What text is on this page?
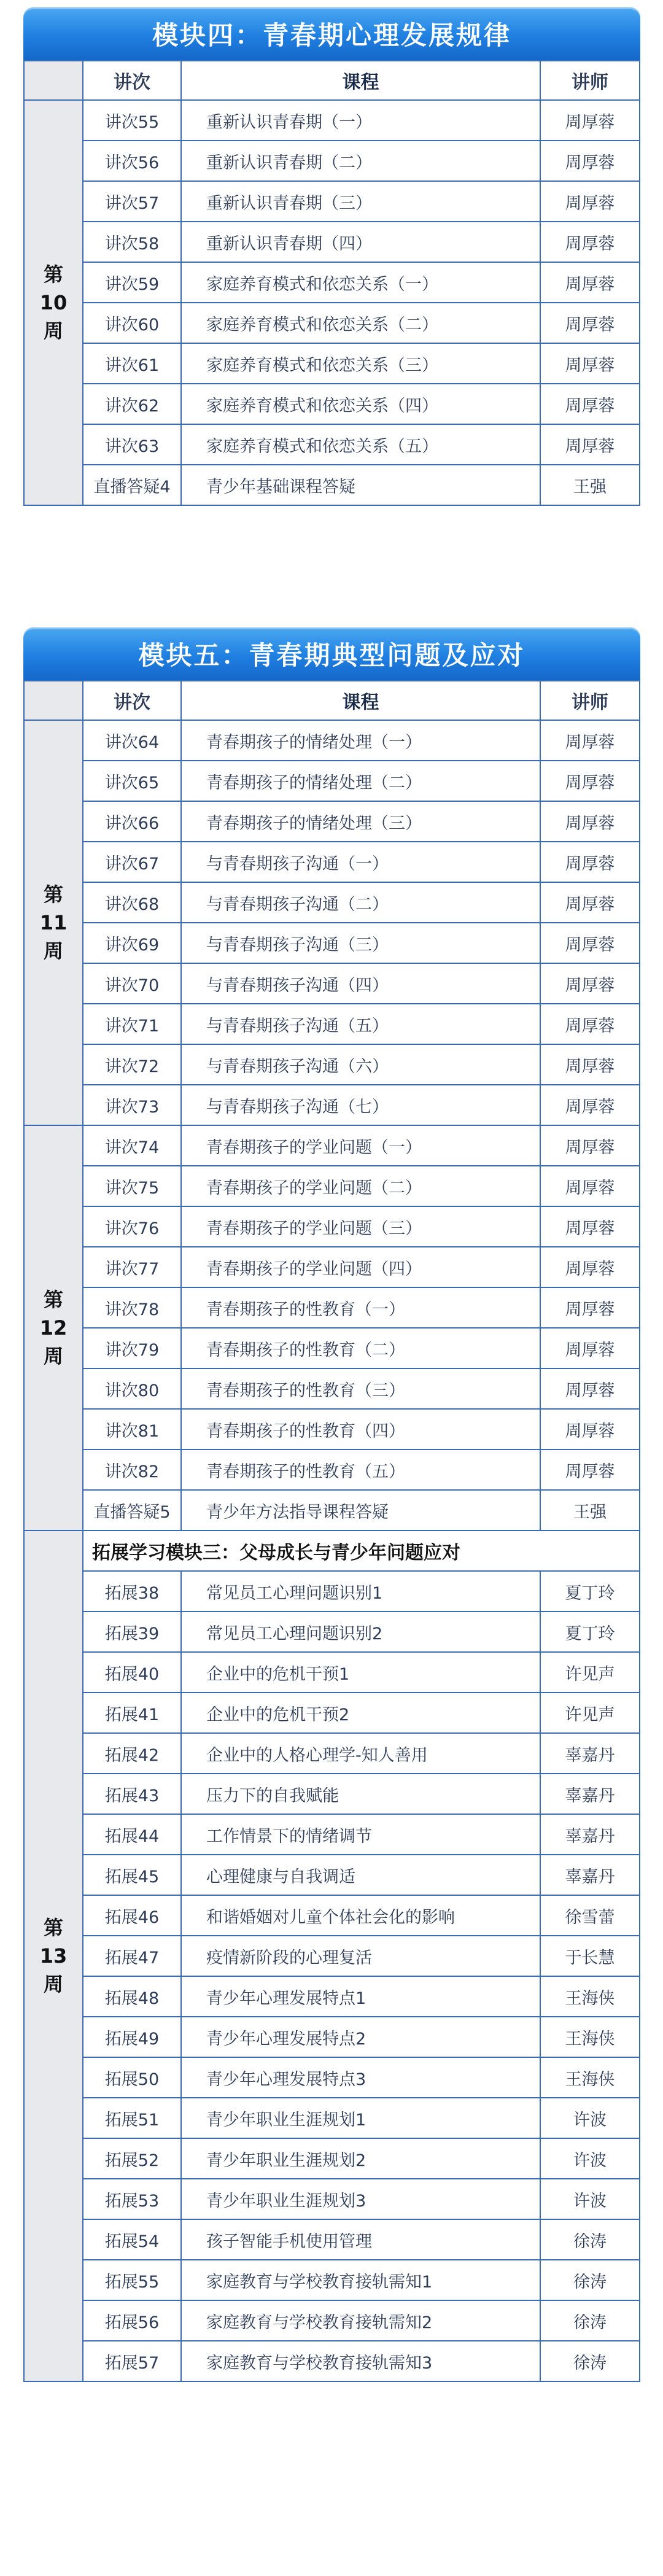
模块四：青春期心理发展规律
	讲次	课程	讲师
第
10
周	讲次55	重新认识青春期（一）	周厚蓉
	讲次56	重新认识青春期（二）	周厚蓉
	讲次57	重新认识青春期（三）	周厚蓉
	讲次58	重新认识青春期（四）	周厚蓉
	讲次59	家庭养育模式和依恋关系（一）	周厚蓉
	讲次60	家庭养育模式和依恋关系（二）	周厚蓉
	讲次61	家庭养育模式和依恋关系（三）	周厚蓉
	讲次62	家庭养育模式和依恋关系（四）	周厚蓉
	讲次63	家庭养育模式和依恋关系（五）	周厚蓉
	直播答疑4	青少年基础课程答疑	王强
模块五：青春期典型问题及应对
	讲次	课程	讲师
第
11
周	讲次64	青春期孩子的情绪处理（一）	周厚蓉
	讲次65	青春期孩子的情绪处理（二）	周厚蓉
	讲次66	青春期孩子的情绪处理（三）	周厚蓉
	讲次67	与青春期孩子沟通（一）	周厚蓉
	讲次68	与青春期孩子沟通（二）	周厚蓉
	讲次69	与青春期孩子沟通（三）	周厚蓉
	讲次70	与青春期孩子沟通（四）	周厚蓉
	讲次71	与青春期孩子沟通（五）	周厚蓉
	讲次72	与青春期孩子沟通（六）	周厚蓉
	讲次73	与青春期孩子沟通（七）	周厚蓉
第
12
周	讲次74	青春期孩子的学业问题（一）	周厚蓉
	讲次75	青春期孩子的学业问题（二）	周厚蓉
	讲次76	青春期孩子的学业问题（三）	周厚蓉
	讲次77	青春期孩子的学业问题（四）	周厚蓉
	讲次78	青春期孩子的性教育（一）	周厚蓉
	讲次79	青春期孩子的性教育（二）	周厚蓉
	讲次80	青春期孩子的性教育（三）	周厚蓉
	讲次81	青春期孩子的性教育（四）	周厚蓉
	讲次82	青春期孩子的性教育（五）	周厚蓉
	直播答疑5	青少年方法指导课程答疑	王强
第
13
周	拓展学习模块三：父母成长与青少年问题应对		
	拓展38	常见员工心理问题识别1	夏丁玲
	拓展39	常见员工心理问题识别2	夏丁玲
	拓展40	企业中的危机干预1	许见声
	拓展41	企业中的危机干预2	许见声
	拓展42	企业中的人格心理学-知人善用	辜嘉丹
	拓展43	压力下的自我赋能	辜嘉丹
	拓展44	工作情景下的情绪调节	辜嘉丹
	拓展45	心理健康与自我调适	辜嘉丹
	拓展46	和谐婚姻对儿童个体社会化的影响	徐雪蕾
	拓展47	疫情新阶段的心理复活	于长慧
	拓展48	青少年心理发展特点1	王海侠
	拓展49	青少年心理发展特点2	王海侠
	拓展50	青少年心理发展特点3	王海侠
	拓展51	青少年职业生涯规划1	许波
	拓展52	青少年职业生涯规划2	许波
	拓展53	青少年职业生涯规划3	许波
	拓展54	孩子智能手机使用管理	徐涛
	拓展55	家庭教育与学校教育接轨需知1	徐涛
	拓展56	家庭教育与学校教育接轨需知2	徐涛
	拓展57	家庭教育与学校教育接轨需知3	徐涛
